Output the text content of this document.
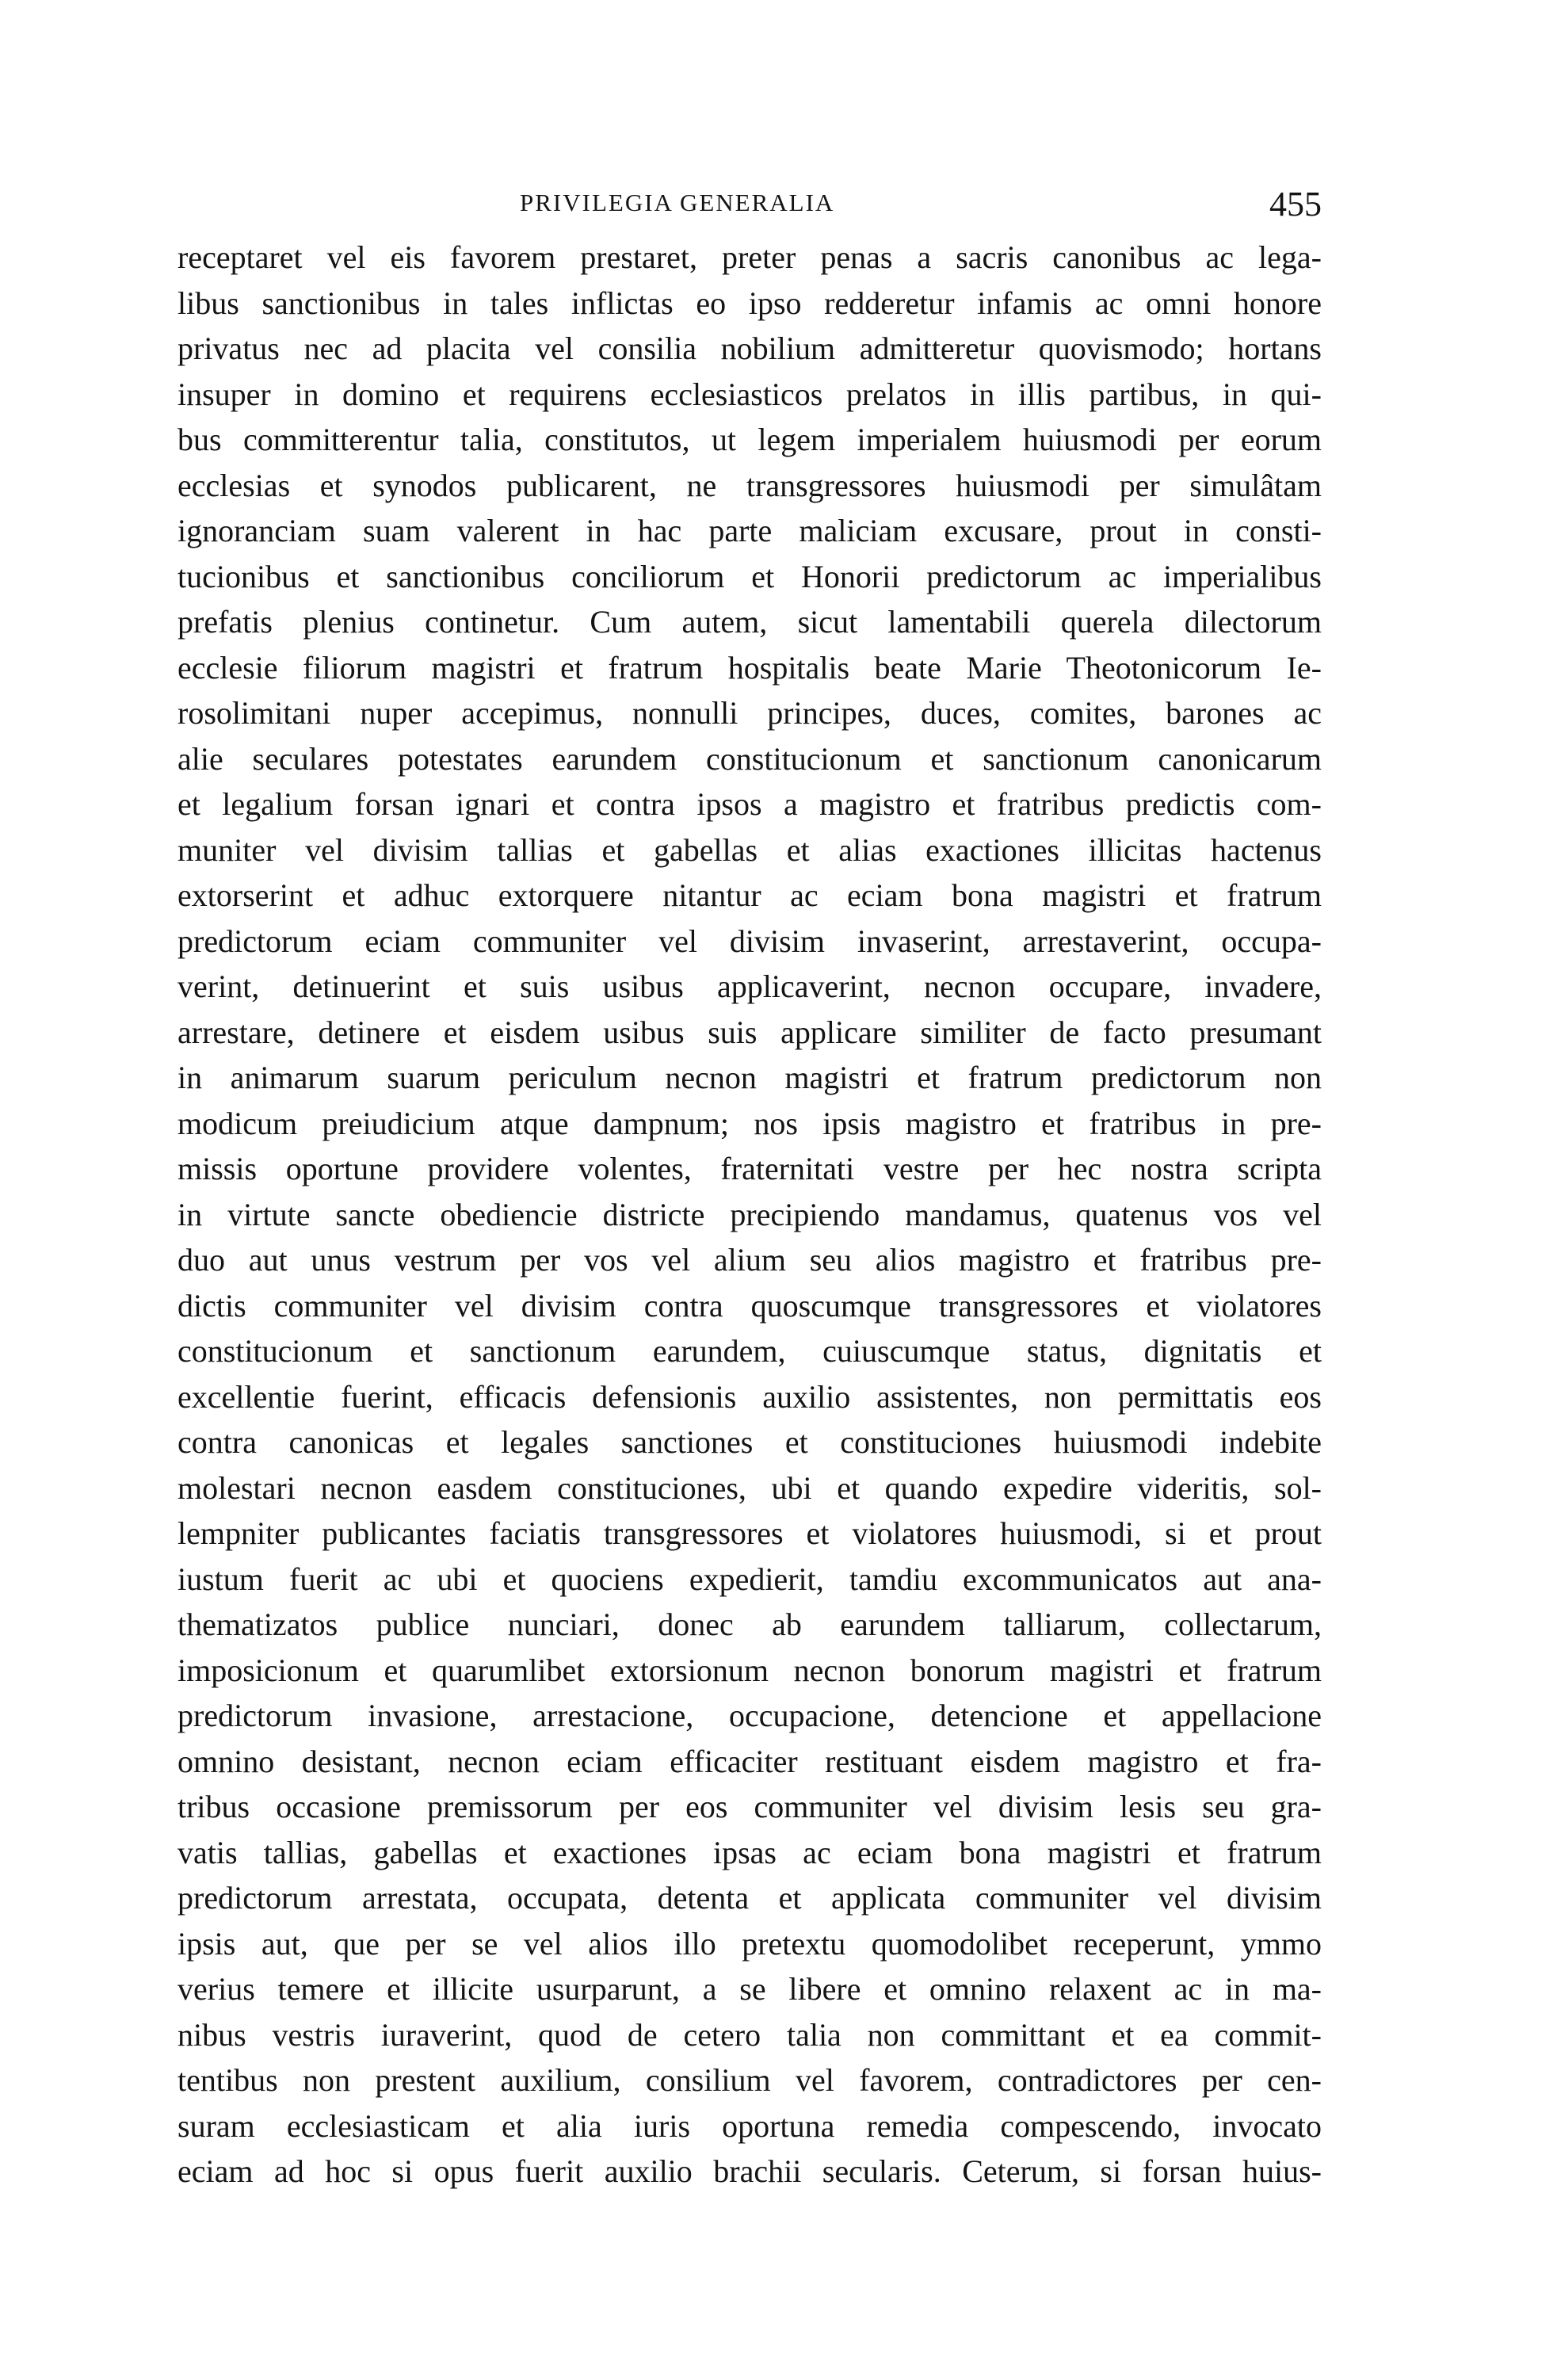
PRIVILEGIA GENERALIA	455
receptaret vel eis favorem prestaret, preter penas a sacris canonibus ac lega-
libus sanctionibus in tales inflictas eo ipso redderetur infamis ac omni honore
privatus nec ad placita vel consilia nobilium admitteretur quovismodo; hortans
insuper in domino et requirens ecclesiasticos prelatos in illis partibus, in qui-
bus committerentur talia, constitutos, ut legem imperialem huiusmodi per eorum
ecclesias et synodos publicarent, ne transgressores huiusmodi per simulâtam
ignoranciam suam valerent in hac parte maliciam excusare, prout in consti-
tucionibus et sanctionibus conciliorum et Honorii predictorum ac imperialibus
prefatis plenius continetur. Cum autem, sicut lamentabili querela dilectorum
ecclesie filiorum magistri et fratrum hospitalis beate Marie Theotonicorum Ie-
rosolimitani nuper accepimus, nonnulli principes, duces, comites, barones ac
alie seculares potestates earundem constitucionum et sanctionum canonicarum
et legalium forsan ignari et contra ipsos a magistro et fratribus predictis com-
muniter vel divisim tallias et gabellas et alias exactiones illicitas hactenus
extorserint et adhuc extorquere nitantur ac eciam bona magistri et fratrum
predictorum eciam communiter vel divisim invaserint, arrestaverint, occupa-
verint, detinuerint et suis usibus applicaverint, necnon occupare, invadere,
arrestare, detinere et eisdem usibus suis applicare similiter de facto presumant
in animarum suarum periculum necnon magistri et fratrum predictorum non
modicum preiudicium atque dampnum; nos ipsis magistro et fratribus in pre-
missis oportune providere volentes, fraternitati vestre per hec nostra scripta
in virtute sancte obediencie districte precipiendo mandamus, quatenus vos vel
duo aut unus vestrum per vos vel alium seu alios magistro et fratribus pre-
dictis communiter vel divisim contra quoscumque transgressores et violatores
constitucionum et sanctionum earundem, cuiuscumque status, dignitatis et
excellentie fuerint, efficacis defensionis auxilio assistentes, non permittatis eos
contra canonicas et legales sanctiones et constituciones huiusmodi indebite
molestari necnon easdem constituciones, ubi et quando expedire videritis, sol-
lempniter publicantes faciatis transgressores et violatores huiusmodi, si et prout
iustum fuerit ac ubi et quociens expedierit, tamdiu excommunicatos aut ana-
thematizatos publice nunciari, donec ab earundem talliarum, collectarum,
imposicionum et quarumlibet extorsionum necnon bonorum magistri et fratrum
predictorum invasione, arrestacione, occupacione, detencione et appellacione
omnino desistant, necnon eciam efficaciter restituant eisdem magistro et fra-
tribus occasione premissorum per eos communiter vel divisim lesis seu gra-
vatis tallias, gabellas et exactiones ipsas ac eciam bona magistri et fratrum
predictorum arrestata, occupata, detenta et applicata communiter vel divisim
ipsis aut, que per se vel alios illo pretextu quomodolibet receperunt, ymmo
verius temere et illicite usurparunt, a se libere et omnino relaxent ac in ma-
nibus vestris iuraverint, quod de cetero talia non committant et ea commit-
tentibus non prestent auxilium, consilium vel favorem, contradictores per cen-
suram ecclesiasticam et alia iuris oportuna remedia compescendo, invocato
eciam ad hoc si opus fuerit auxilio brachii secularis. Ceterum, si forsan huius-
